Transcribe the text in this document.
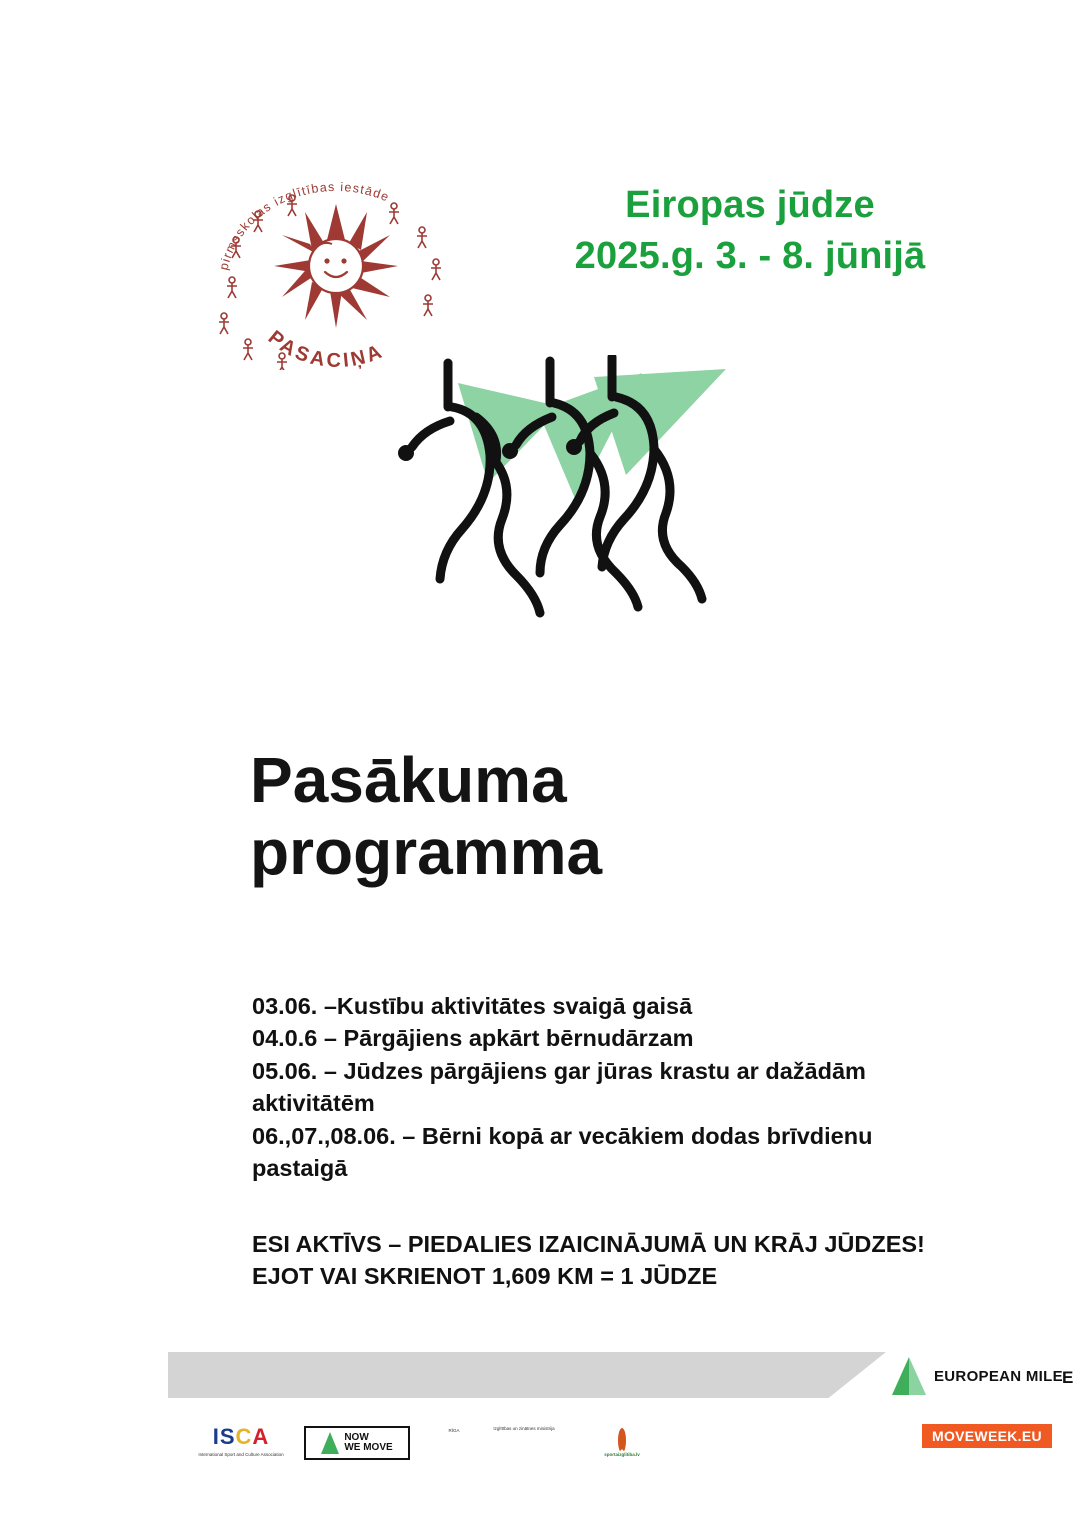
pirmsskolas izglītības iestāde
PASACIŅA
Eiropas jūdze
2025.g. 3. - 8. jūnijā
Pasākuma
programma
03.06. –Kustību aktivitātes svaigā gaisā
04.0.6 – Pārgājiens apkārt bērnudārzam
05.06. – Jūdzes pārgājiens gar jūras krastu ar dažādām aktivitātēm
06.,07.,08.06. – Bērni kopā ar vecākiem dodas brīvdienu pastaigā
ESI AKTĪVS – PIEDALIES IZAICINĀJUMĀ UN KRĀJ JŪDZES!
EJOT VAI SKRIENOT 1,609 KM = 1 JŪDZE
EUROPEAN MILE E
MOVEWEEK.EU
ISCA
International Sport and Culture Association
NOW
WE MOVE
RĪGA	Izglītības un zinātnes ministrija
sportaizglitiba.lv
